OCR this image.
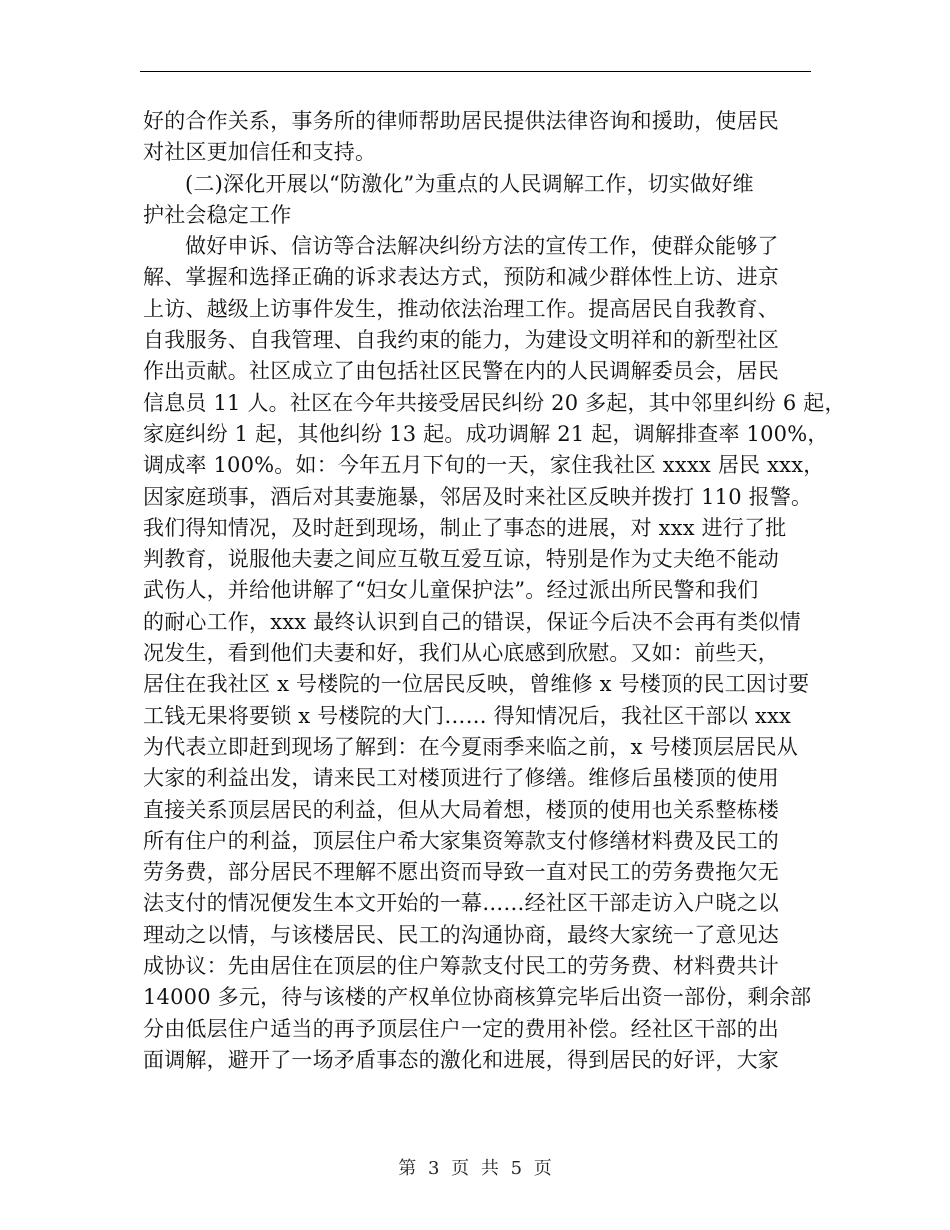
好的合作关系，事务所的律师帮助居民提供法律咨询和援助，使居民
对社区更加信任和支持。
(二)深化开展以“防激化”为重点的人民调解工作，切实做好维
护社会稳定工作
做好申诉、信访等合法解决纠纷方法的宣传工作，使群众能够了
解、掌握和选择正确的诉求表达方式，预防和减少群体性上访、进京
上访、越级上访事件发生，推动依法治理工作。提高居民自我教育、
自我服务、自我管理、自我约束的能力，为建设文明祥和的新型社区
作出贡献。社区成立了由包括社区民警在内的人民调解委员会，居民
信息员 11 人。社区在今年共接受居民纠纷 20 多起，其中邻里纠纷 6 起，
家庭纠纷 1 起，其他纠纷 13 起。成功调解 21 起，调解排查率 100%，
调成率 100%。如：今年五月下旬的一天，家住我社区 xxxx 居民 xxx，
因家庭琐事，酒后对其妻施暴，邻居及时来社区反映并拨打 110 报警。
我们得知情况，及时赶到现场，制止了事态的进展，对 xxx 进行了批
判教育，说服他夫妻之间应互敬互爱互谅，特别是作为丈夫绝不能动
武伤人，并给他讲解了“妇女儿童保护法”。经过派出所民警和我们
的耐心工作，xxx 最终认识到自己的错误，保证今后决不会再有类似情
况发生，看到他们夫妻和好，我们从心底感到欣慰。又如：前些天，
居住在我社区 x 号楼院的一位居民反映，曾维修 x 号楼顶的民工因讨要
工钱无果将要锁 x 号楼院的大门…… 得知情况后，我社区干部以 xxx
为代表立即赶到现场了解到：在今夏雨季来临之前，x 号楼顶层居民从
大家的利益出发，请来民工对楼顶进行了修缮。维修后虽楼顶的使用
直接关系顶层居民的利益，但从大局着想，楼顶的使用也关系整栋楼
所有住户的利益，顶层住户希大家集资筹款支付修缮材料费及民工的
劳务费，部分居民不理解不愿出资而导致一直对民工的劳务费拖欠无
法支付的情况便发生本文开始的一幕……经社区干部走访入户晓之以
理动之以情，与该楼居民、民工的沟通协商，最终大家统一了意见达
成协议：先由居住在顶层的住户筹款支付民工的劳务费、材料费共计
14000 多元，待与该楼的产权单位协商核算完毕后出资一部份，剩余部
分由低层住户适当的再予顶层住户一定的费用补偿。经社区干部的出
面调解，避开了一场矛盾事态的激化和进展，得到居民的好评，大家
第 3 页 共 5 页
